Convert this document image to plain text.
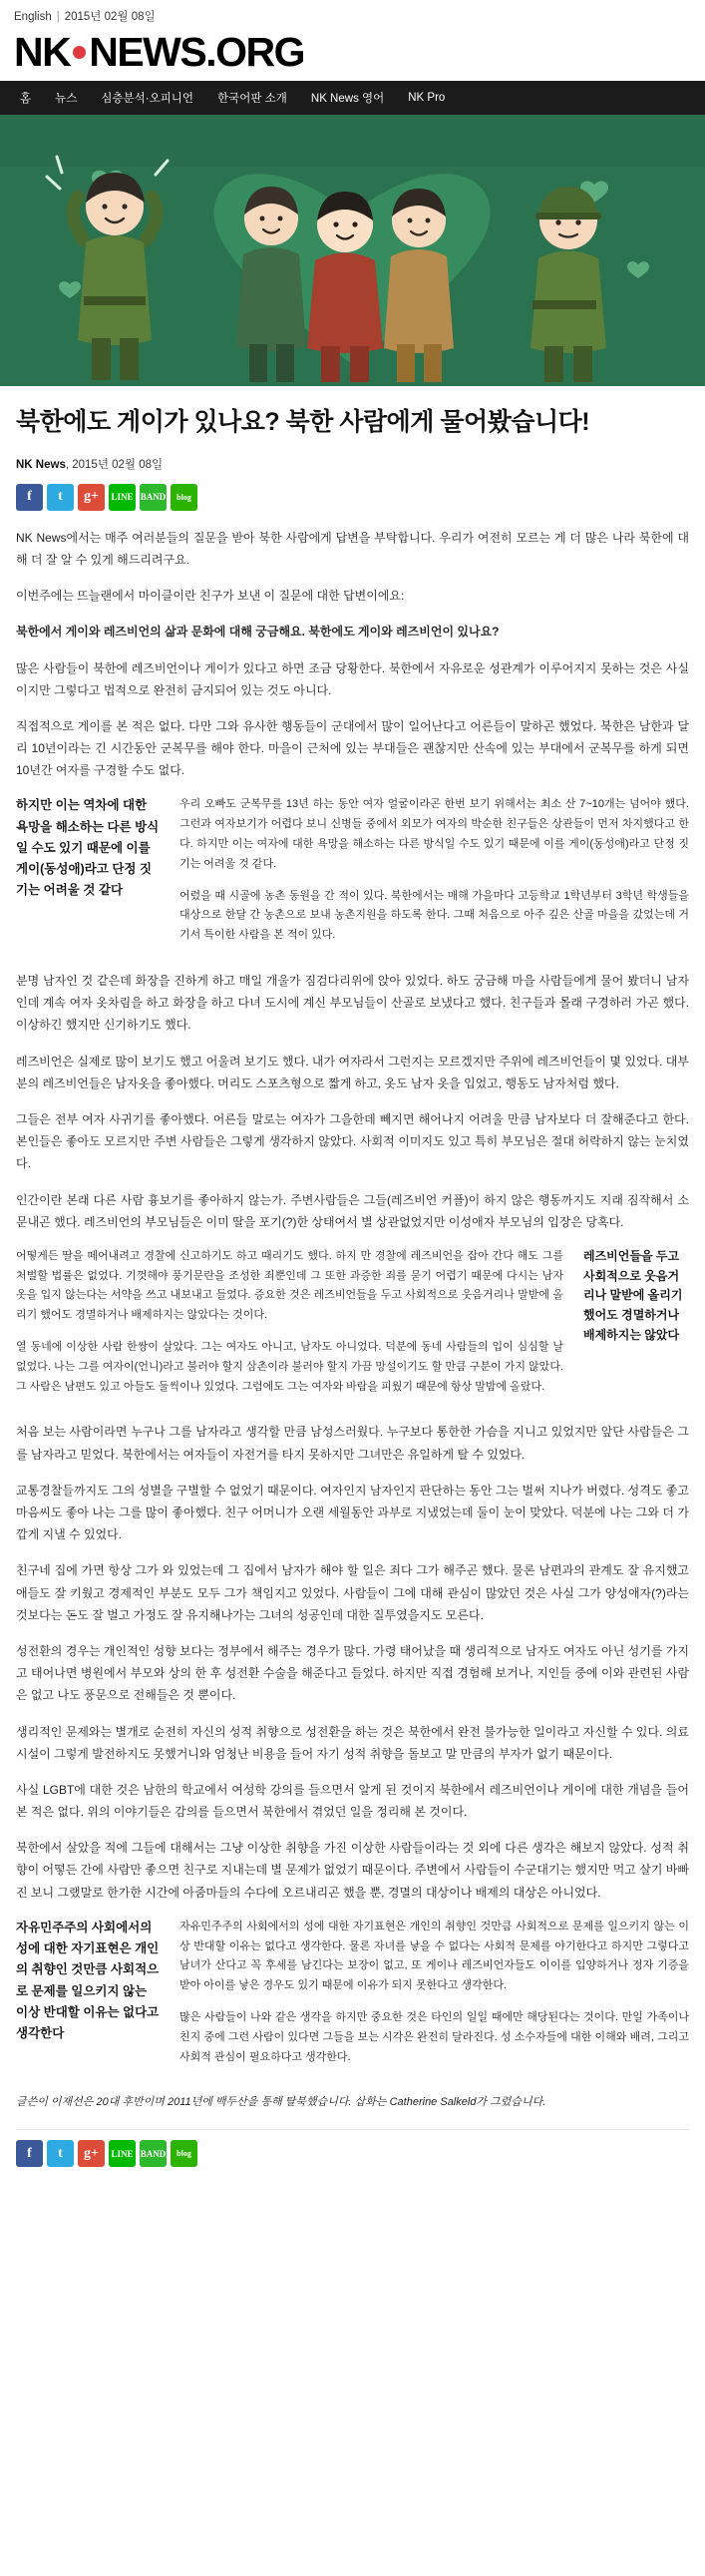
English | 2015년 02월 08일
NK NEWS.ORG
홈	뉴스	심층분석·오피니언	한국어판 소개	NK News 영어	NK Pro
북한에도 게이가 있나요? 북한 사람에게 물어봤습니다!
NK News, 2015년 02월 08일
f	t	g+	LINE BAND	blog

NK News에서는 매주 여러분들의 질문을 받아 북한 사람에게 답변을 부탁합니다. 우리가 여전히 모르는 게 더 많은 나라 북한에 대해 더 잘 알 수 있게 해드리려구요.

이번주에는 뜨늘랜에서 마이클이란 친구가 보낸 이 질문에 대한 답변이에요:

북한에서 게이와 레즈비언의 삶과 문화에 대해 궁금해요. 북한에도 게이와 레즈비언이 있나요?

많은 사람들이 북한에 레즈비언이나 게이가 있다고 하면 조금 당황한다. 북한에서 자유로운 성관계가 이루어지지 못하는 것은 사실이지만 그렇다고 법적으로 완전히 금지되어 있는 것도 아니다.

직접적으로 게이를 본 적은 없다. 다만 그와 유사한 행동들이 군대에서 많이 일어난다고 어른들이 말하곤 했었다. 북한은 남한과 달리 10년이라는 긴 시간동안 군복무를 해야 한다. 마을이 근처에 있는 부대들은 괜찮지만 산속에 있는 부대에서 군복무를 하게 되면 10년간 여자를 구경할 수도 없다.

하지만 이는 역차에 대한 욕망을 해소하는 다른 방식일 수도 있기 때문에 이를 게이(동성애)라고 단정 짓기는 어려울 것 같다

우리 오빠도 군복무를 13년 하는 동안 여자 얼굴이라곤 한번 보기 위해서는 최소 산 7~10개는 넘어야 했다. 그런과 여자보기가 어렵다 보니 신병들 중에서 외모가 여자의 박순한 친구들은 상관들이 먼저 차지했다고 한다. 하지만 이는 여자에 대한 욕망을 해소하는 다른 방식일 수도 있기 때문에 이를 게이(동성애)라고 단정 짓기는 어려울 것 같다.

어렸을 때 시골에 농촌 동원을 간 적이 있다. 북한에서는 매해 가을마다 고등학교 1학년부터 3학년 학생들을 대상으로 한달 간 농촌으로 보내 농촌지원을 하도록 한다. 그때 처음으로 아주 깊은 산골 마을을 갔었는데 거기서 특이한 사람을 본 적이 있다.

분명 남자인 것 같은데 화장을 진하게 하고 매일 개울가 짐검다리위에 앉아 있었다. 하도 궁금해 마을 사람들에게 물어 봤더니 남자인데 계속 여자 옷차림을 하고 화장을 하고 다녀 도시에 계신 부모님들이 산골로 보냈다고 했다. 친구들과 몰래 구경하러 가곤 했다. 이상하긴 했지만 신기하기도 했다.

레즈비언은 실제로 많이 보기도 했고 어울려 보기도 했다. 내가 여자라서 그런지는 모르겠지만 주위에 레즈비언들이 몇 있었다. 대부분의 레즈비언들은 남자옷을 좋아했다. 머리도 스포츠형으로 짧게 하고, 옷도 남자 옷을 입었고, 행동도 남자처럼 했다.

그들은 전부 여자 사귀기를 좋아했다. 어른들 말로는 여자가 그을한데 빼지면 해어나지 어려울 만큼 남자보다 더 잘해준다고 한다. 본인들은 좋아도 모르지만 주변 사람들은 그렇게 생각하지 않았다. 사회적 이미지도 있고 특히 부모님은 절대 허락하지 않는 눈치였다.

인간이란 본래 다른 사람 흉보기를 좋아하지 않는가. 주변사람들은 그들(레즈비언 커플)이 하지 않은 행동까지도 지래 짐작해서 소문내곤 했다. 레즈비언의 부모님들은 이미 딸을 포기(?)한 상태여서 별 상관없었지만 이성애자 부모님의 입장은 당혹다.

어떻게든 딸을 떼어내려고 경찰에 신고하기도 하고 때리기도 했다. 하지 만 경찰에 레즈비언을 잡아 간다 해도 그를 처벌할 법률은 없었다. 기껏해야 풍기문란을 조성한 죄뿐인데 그 또한 과증한 죄를 묻기 어렵기 때문에 다시는 남자 옷을 입지 않는다는 서약을 쓰고 내보내고 들었다. 증요한 것은 레즈비언들을 두고 사회적으로 웃음거리나 말받에 올리기 했어도 경멸하거나 배제하지는 않았다는 것이다.

열 동네에 이상한 사람 한쌍이 살았다. 그는 여자도 아니고, 남자도 아니었다. 덕분에 동네 사람들의 입이 심심할 날 없었다. 나는 그를 여자이(언니)라고 불러야 할지 삼촌이라 불러야 할지 가끔 망설이기도 할 만큼 구분이 가지 않았다. 그 사람은 남편도 있고 아들도 둘씩이나 있었다. 그럼에도 그는 여자와 바람을 피웠기 때문에 항상 말밤에 올랐다.

레즈비언들을 두고 사회적으로 웃음거리나 말받에 올리기 했어도 경멸하거나 배제하지는 않았다

처음 보는 사람이라면 누구나 그를 남자라고 생각할 만큼 남성스러웠다. 누구보다 통한한 가슴을 지니고 있었지만 앞단 사람들은 그를 남자라고 믿었다. 북한에서는 여자들이 자전거를 타지 못하지만 그녀만은 유일하게 탈 수 있었다.

교통경찰들까지도 그의 성별을 구별할 수 없었기 때문이다. 여자인지 남자인지 판단하는 동안 그는 벌써 지나가 버렸다. 성격도 좋고 마음씨도 좋아 나는 그를 많이 좋아했다. 친구 어머니가 오랜 세월동안 과부로 지냈었는데 둘이 눈이 맞았다. 덕분에 나는 그와 더 가깝게 지낼 수 있었다.

친구네 집에 가면 항상 그가 와 있었는데 그 집에서 남자가 해야 할 일은 죄다 그가 해주곤 했다. 물론 남편과의 관계도 잘 유지했고 애들도 잘 키웠고 경제적인 부분도 모두 그가 책임지고 있었다. 사람들이 그에 대해 관심이 많았던 것은 사실 그가 양성애자(?)라는 것보다는 돈도 잘 벌고 가정도 잘 유지해나가는 그녀의 성공인데 대한 질투였을지도 모른다.

성전환의 경우는 개인적인 성향 보다는 정부에서 해주는 경우가 많다. 가령 태어났을 때 생리적으로 남자도 여자도 아닌 성기를 가지고 태어나면 병원에서 부모와 상의 한 후 성전환 수술을 해준다고 들었다. 하지만 직접 경험해 보거나, 지인들 중에 이와 관련된 사람은 없고 나도 풍문으로 전해들은 것 뿐이다.

생리적인 문제와는 별개로 순전히 자신의 성적 취향으로 성전환을 하는 것은 북한에서 완전 불가능한 일이라고 자신할 수 있다. 의료시설이 그렇게 발전하지도 못했거니와 엄청난 비용을 들어 자기 성적 취향을 돌보고 말 만큼의 부자가 없기 때문이다.

사실 LGBT에 대한 것은 남한의 학교에서 여성학 강의를 들으면서 알게 된 것이지 북한에서 레즈비언이나 게이에 대한 개념을 들어본 적은 없다. 위의 이야기들은 감의를 들으면서 북한에서 겪었던 일을 정리해 본 것이다.

북한에서 살았을 적에 그들에 대해서는 그냥 이상한 취향을 가진 이상한 사람들이라는 것 외에 다른 생각은 해보지 않았다. 성적 취향이 어떻든 간에 사람만 좋으면 친구로 지내는데 별 문제가 없었기 때문이다. 주변에서 사람들이 수군대기는 했지만 먹고 살기 바빠진 보니 그랬말로 한가한 시간에 아줌마들의 수다에 오르내리곤 했을 뿐, 경멸의 대상이나 배제의 대상은 아니었다.

자유민주주의 사회에서의 성에 대한 자기표현은 개인의 취향인 것만큼 사회적으로 문제를 일으키지 않는 이상 반대할 이유는 없다고 생각한다

자유민주주의 사회에서의 성에 대한 자기표현은 개인의 취향인 것만큼 사회적으로 문제를 일으키지 않는 이상 반대할 이유는 없다고 생각한다. 물론 자녀를 낳을 수 없다는 사회적 문제를 야기한다고 하지만 그렇다고 남녀가 산다고 꼭 후세를 남긴다는 보장이 없고, 또 게이나 레즈비언자들도 이이를 입양하거나 정자 기증을 받아 아이를 낳은 경우도 있기 때문에 이유가 되지 못한다고 생각한다.

많은 사람들이 나와 같은 생각을 하지만 중요한 것은 타인의 일일 때에만 해당된다는 것이다. 만일 가족이나 친지 중에 그런 사람이 있다면 그들을 보는 시각은 완전히 달라진다. 성 소수자들에 대한 이해와 배려, 그리고 사회적 관심이 필요하다고 생각한다.

글쓴이 이재선은 20대 후반이며 2011년에 백두산을 통해 탈북했습니다. 삽화는 Catherine Salkeld가 그렸습니다.
f	t	g+	LINE BAND	blog
